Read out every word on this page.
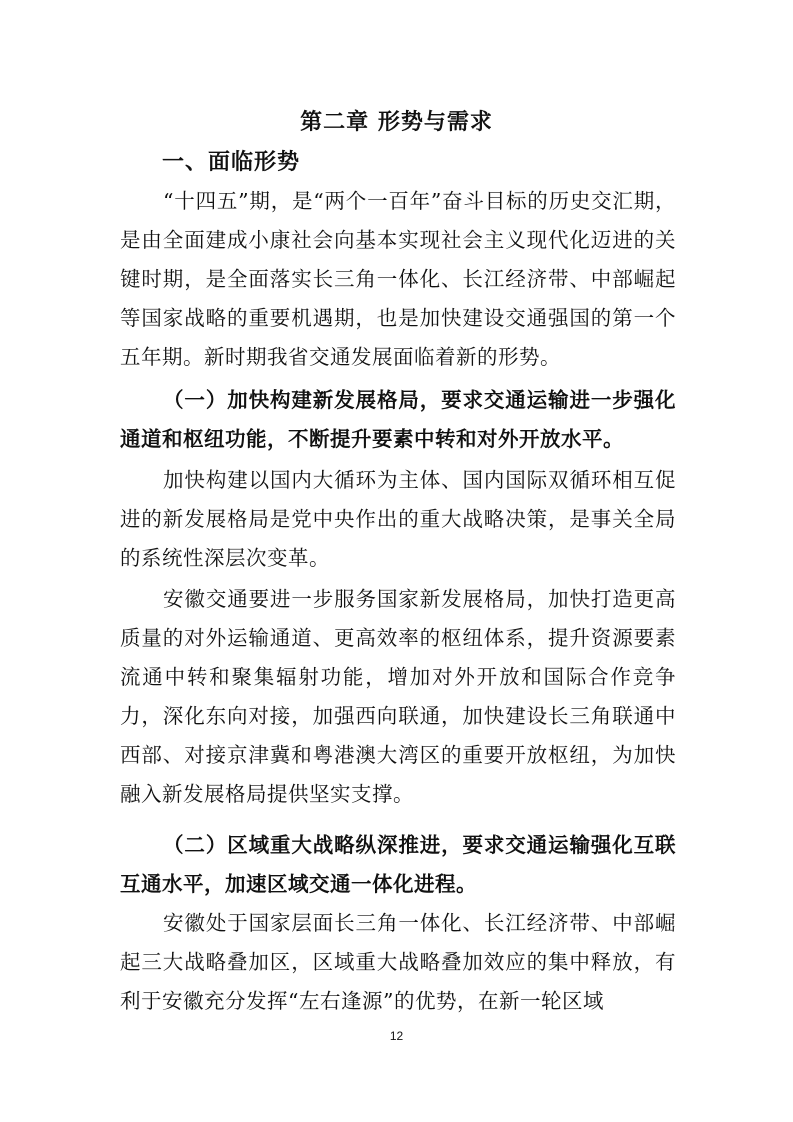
第二章 形势与需求
一、面临形势

“十四五”期，是“两个一百年”奋斗目标的历史交汇期，是由全面建成小康社会向基本实现社会主义现代化迈进的关键时期，是全面落实长三角一体化、长江经济带、中部崛起等国家战略的重要机遇期，也是加快建设交通强国的第一个五年期。新时期我省交通发展面临着新的形势。

（一）加快构建新发展格局，要求交通运输进一步强化通道和枢纽功能，不断提升要素中转和对外开放水平。

加快构建以国内大循环为主体、国内国际双循环相互促进的新发展格局是党中央作出的重大战略决策，是事关全局的系统性深层次变革。

安徽交通要进一步服务国家新发展格局，加快打造更高质量的对外运输通道、更高效率的枢纽体系，提升资源要素流通中转和聚集辐射功能，增加对外开放和国际合作竞争力，深化东向对接，加强西向联通，加快建设长三角联通中西部、对接京津冀和粤港澳大湾区的重要开放枢纽，为加快融入新发展格局提供坚实支撑。

（二）区域重大战略纵深推进，要求交通运输强化互联互通水平，加速区域交通一体化进程。

安徽处于国家层面长三角一体化、长江经济带、中部崛起三大战略叠加区，区域重大战略叠加效应的集中释放，有利于安徽充分发挥“左右逢源”的优势，在新一轮区域

12
